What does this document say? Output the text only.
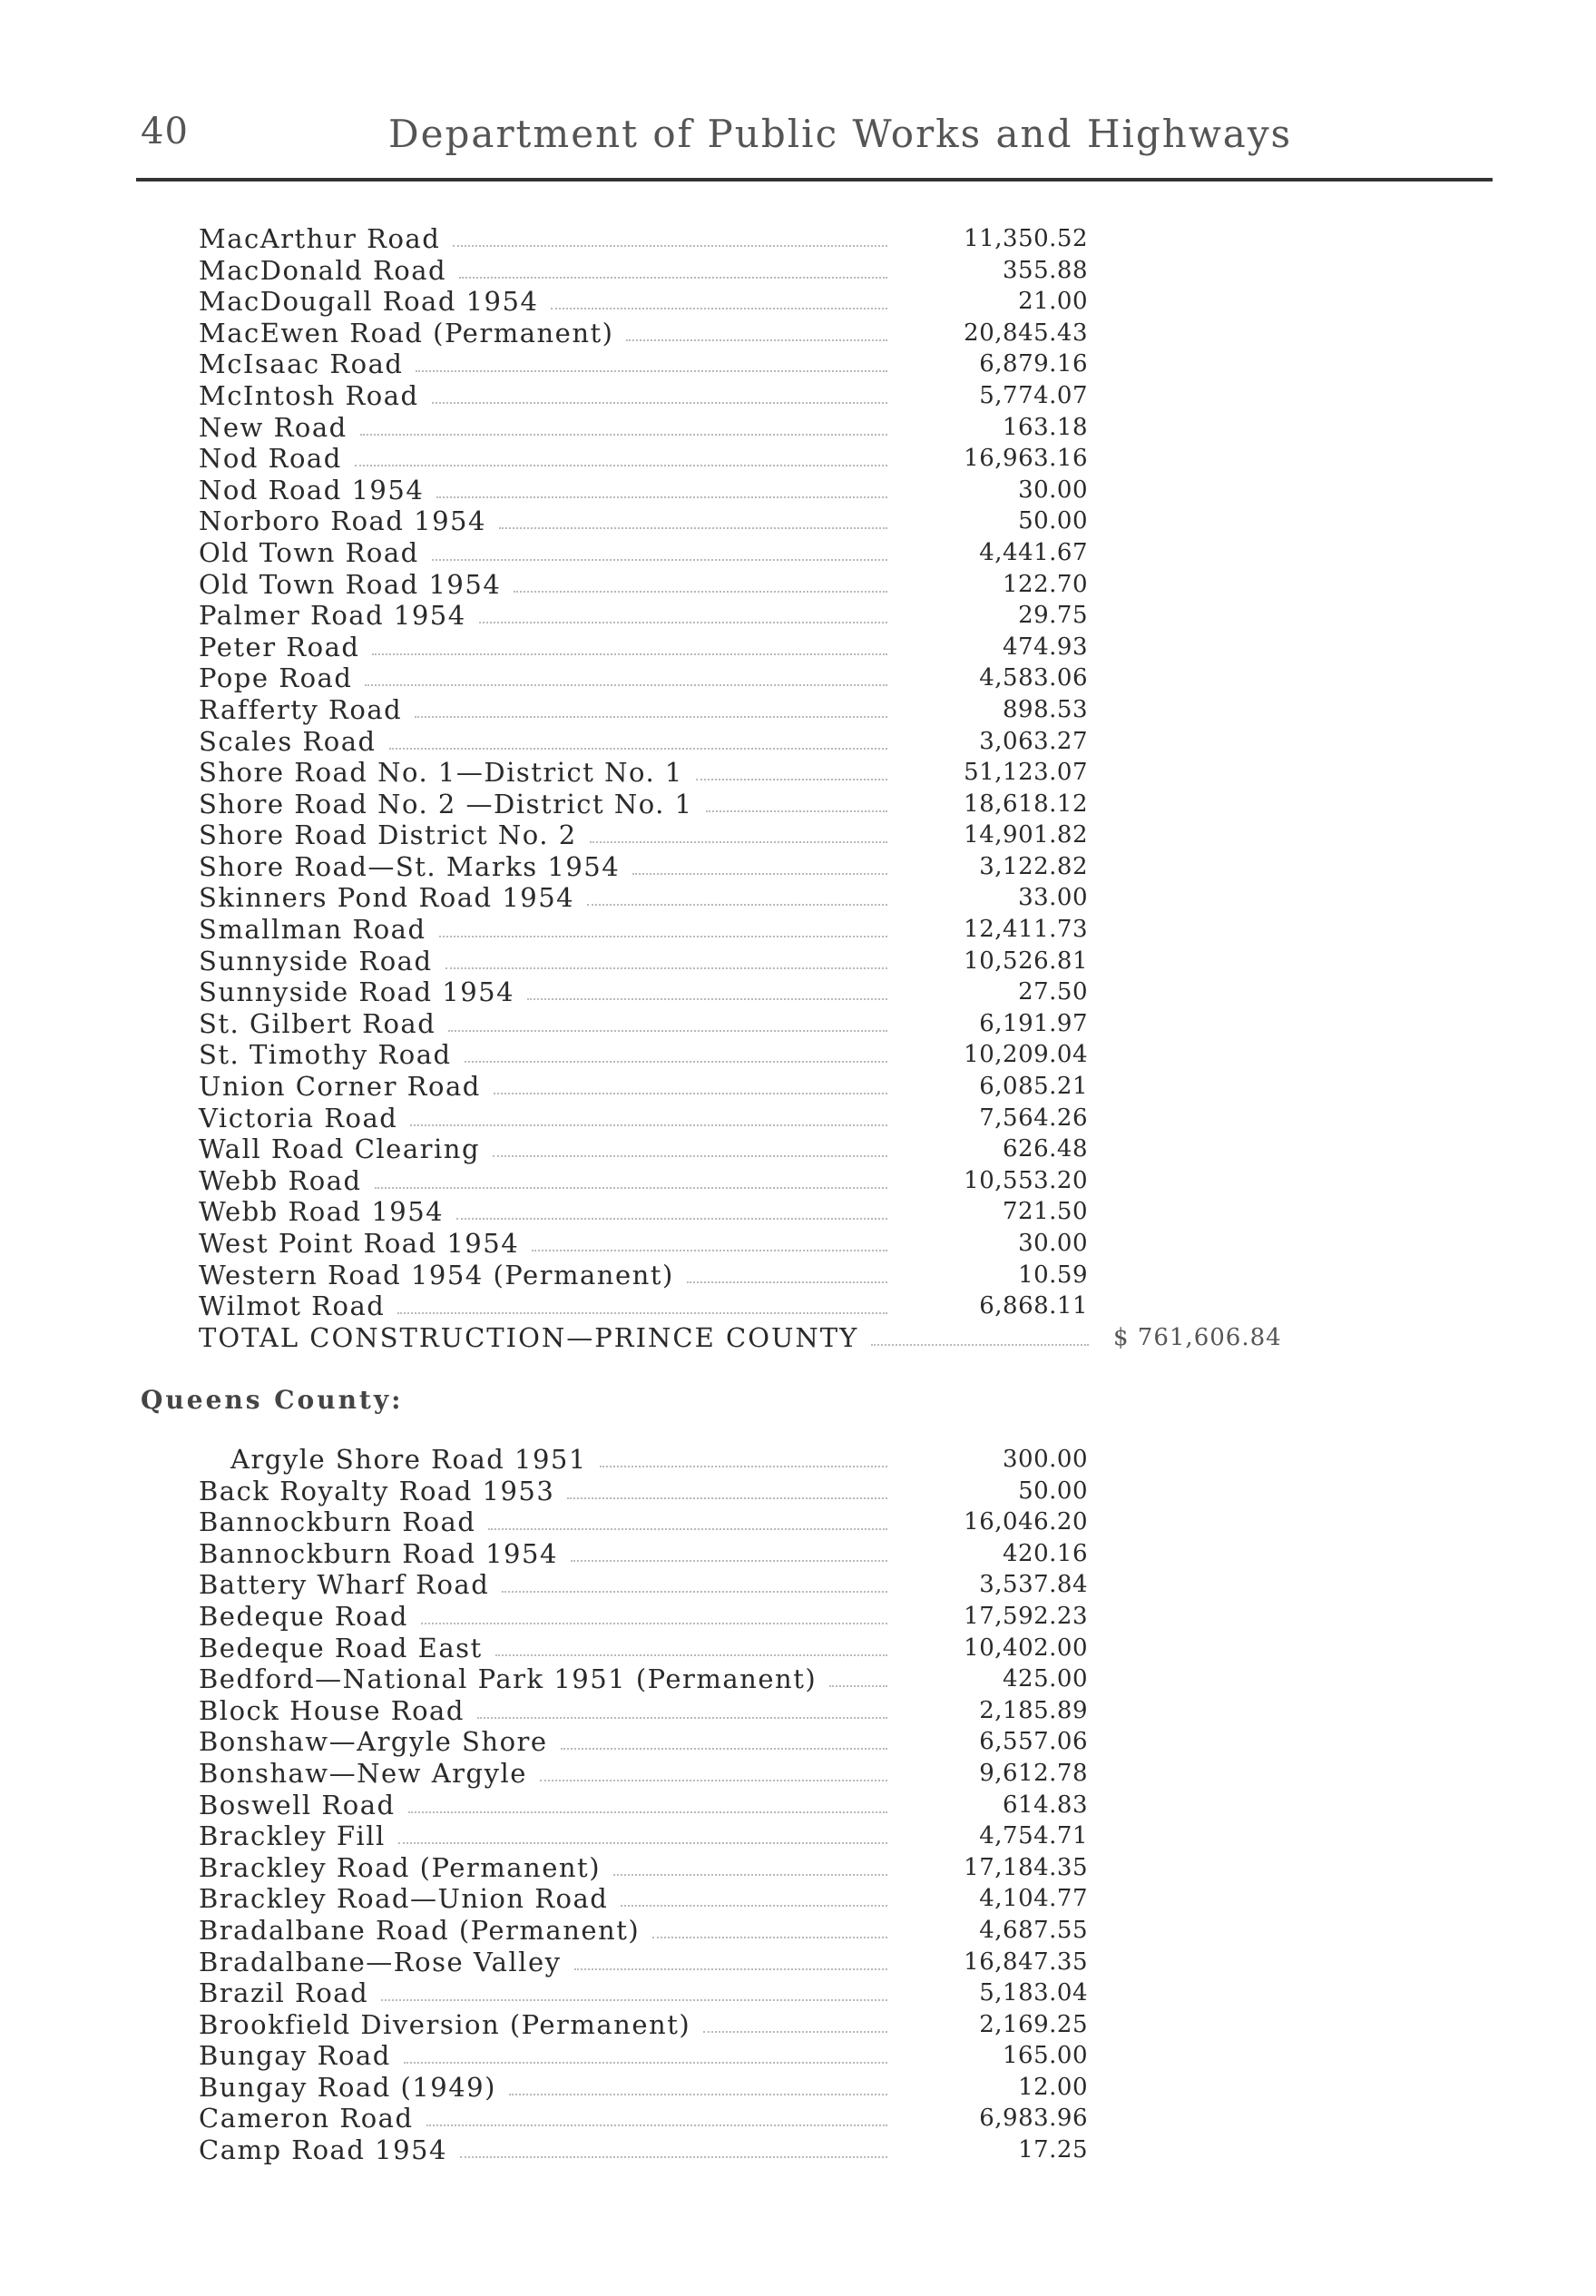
40	Department of Public Works and Highways
MacArthur Road	11,350.52
MacDonald Road	355.88
MacDougall Road 1954	21.00
MacEwen Road (Permanent)	20,845.43
McIsaac Road	6,879.16
McIntosh Road	5,774.07
New Road	163.18
Nod Road	16,963.16
Nod Road 1954	30.00
Norboro Road 1954	50.00
Old Town Road	4,441.67
Old Town Road 1954	122.70
Palmer Road 1954	29.75
Peter Road	474.93
Pope Road	4,583.06
Rafferty Road	898.53
Scales Road	3,063.27
Shore Road No. 1—District No. 1	51,123.07
Shore Road No. 2 —District No. 1	18,618.12
Shore Road District No. 2	14,901.82
Shore Road—St. Marks 1954	3,122.82
Skinners Pond Road 1954	33.00
Smallman Road	12,411.73
Sunnyside Road	10,526.81
Sunnyside Road 1954	27.50
St. Gilbert Road	6,191.97
St. Timothy Road	10,209.04
Union Corner Road	6,085.21
Victoria Road	7,564.26
Wall Road Clearing	626.48
Webb Road	10,553.20
Webb Road 1954	721.50
West Point Road 1954	30.00
Western Road 1954 (Permanent)	10.59
Wilmot Road	6,868.11
TOTAL CONSTRUCTION—PRINCE COUNTY	$ 761,606.84
Queens County:
Argyle Shore Road 1951	300.00
Back Royalty Road 1953	50.00
Bannockburn Road	16,046.20
Bannockburn Road 1954	420.16
Battery Wharf Road	3,537.84
Bedeque Road	17,592.23
Bedeque Road East	10,402.00
Bedford—National Park 1951 (Permanent)	425.00
Block House Road	2,185.89
Bonshaw—Argyle Shore	6,557.06
Bonshaw—New Argyle	9,612.78
Boswell Road	614.83
Brackley Fill	4,754.71
Brackley Road (Permanent)	17,184.35
Brackley Road—Union Road	4,104.77
Bradalbane Road (Permanent)	4,687.55
Bradalbane—Rose Valley	16,847.35
Brazil Road	5,183.04
Brookfield Diversion (Permanent)	2,169.25
Bungay Road	165.00
Bungay Road (1949)	12.00
Cameron Road	6,983.96
Camp Road 1954	17.25
